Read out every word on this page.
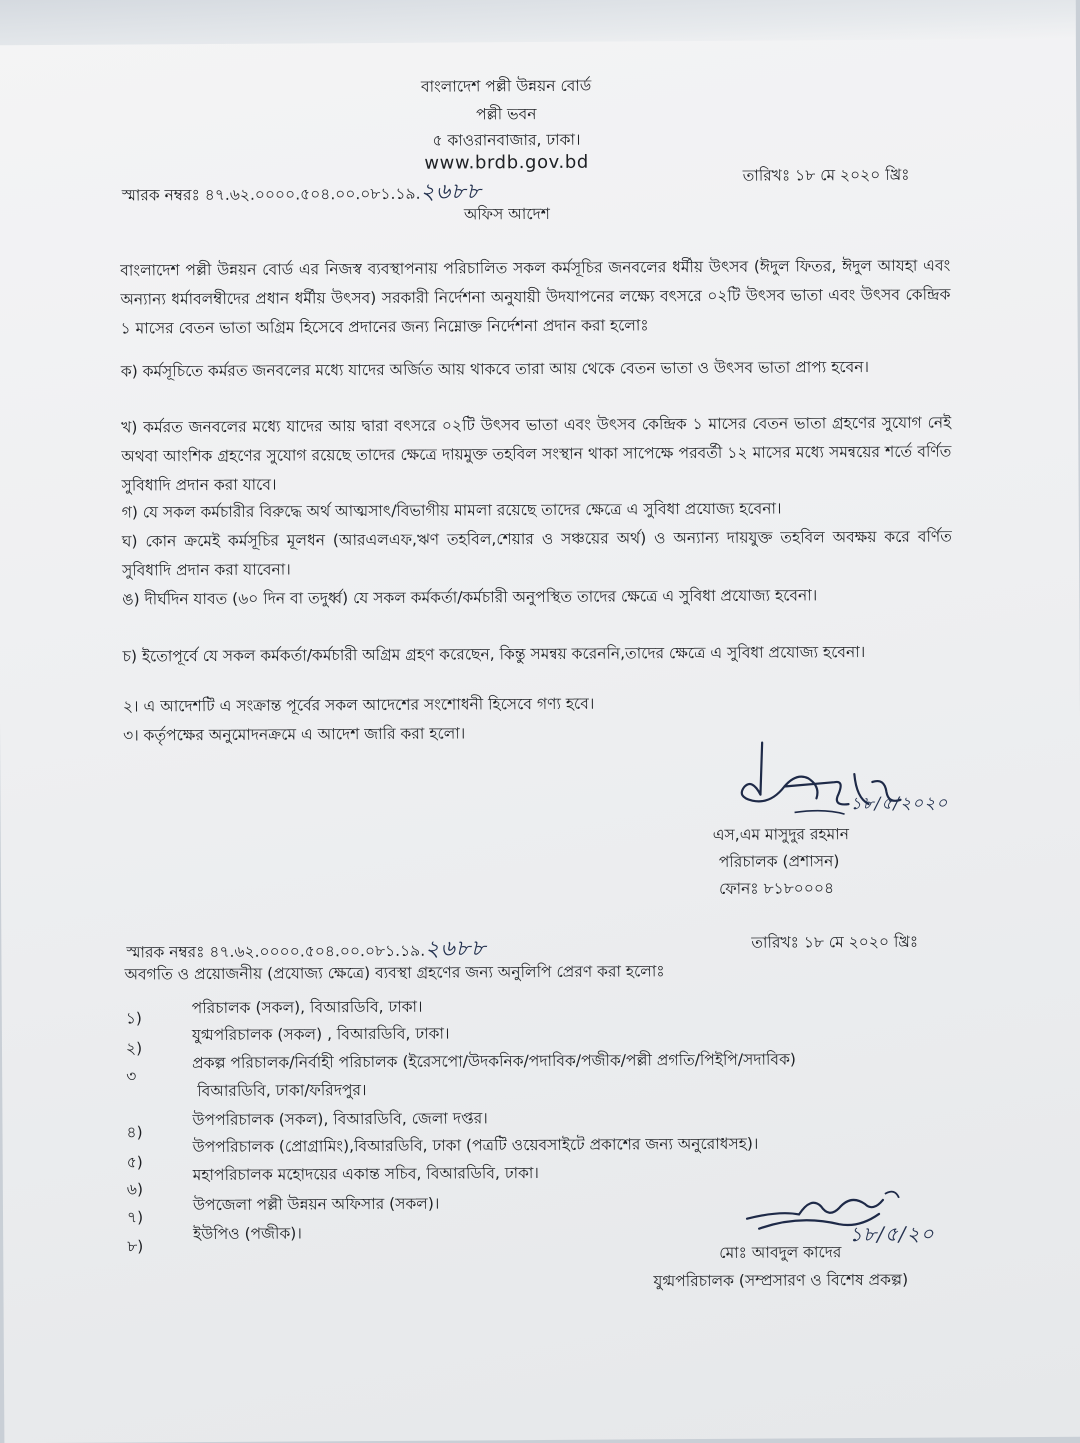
বাংলাদেশ পল্লী উন্নয়ন বোর্ড
পল্লী ভবন
৫ কাওরানবাজার, ঢাকা।
www.brdb.gov.bd
স্মারক নম্বরঃ ৪৭.৬২.০০০০.৫০৪.০০.০৮১.১৯.২৬৮৮
তারিখঃ ১৮ মে ২০২০ খ্রিঃ
অফিস আদেশ
বাংলাদেশ পল্লী উন্নয়ন বোর্ড এর নিজস্ব ব্যবস্থাপনায় পরিচালিত সকল কর্মসূচির জনবলের ধর্মীয় উৎসব (ঈদুল ফিতর, ঈদুল আযহা এবং অন্যান্য ধর্মাবলম্বীদের প্রধান ধর্মীয় উৎসব) সরকারী নির্দেশনা অনুযায়ী উদযাপনের লক্ষ্যে বৎসরে ০২টি উৎসব ভাতা এবং উৎসব কেন্দ্রিক ১ মাসের বেতন ভাতা অগ্রিম হিসেবে প্রদানের জন্য নিম্নোক্ত নির্দেশনা প্রদান করা হলোঃ
ক) কর্মসূচিতে কর্মরত জনবলের মধ্যে যাদের অর্জিত আয় থাকবে তারা আয় থেকে বেতন ভাতা ও উৎসব ভাতা প্রাপ্য হবেন।
খ) কর্মরত জনবলের মধ্যে যাদের আয় দ্বারা বৎসরে ০২টি উৎসব ভাতা এবং উৎসব কেন্দ্রিক ১ মাসের বেতন ভাতা গ্রহণের সুযোগ নেই অথবা আংশিক গ্রহণের সুযোগ রয়েছে তাদের ক্ষেত্রে দায়মুক্ত তহবিল সংস্থান থাকা সাপেক্ষে পরবর্তী ১২ মাসের মধ্যে সমন্বয়ের শর্তে বর্ণিত সুবিধাদি প্রদান করা যাবে।
গ) যে সকল কর্মচারীর বিরুদ্ধে অর্থ আত্মসাৎ/বিভাগীয় মামলা রয়েছে তাদের ক্ষেত্রে এ সুবিধা প্রযোজ্য হবেনা।
ঘ) কোন ক্রমেই কর্মসূচির মূলধন (আরএলএফ,ঋণ তহবিল,শেয়ার ও সঞ্চয়ের অর্থ) ও অন্যান্য দায়যুক্ত তহবিল অবক্ষয় করে বর্ণিত সুবিধাদি প্রদান করা যাবেনা।
ঙ) দীর্ঘদিন যাবত (৬০ দিন বা তদুর্ধ্ব) যে সকল কর্মকর্তা/কর্মচারী অনুপস্থিত তাদের ক্ষেত্রে এ সুবিধা প্রযোজ্য হবেনা।
চ) ইতোপূর্বে যে সকল কর্মকর্তা/কর্মচারী অগ্রিম গ্রহণ করেছেন, কিন্তু সমন্বয় করেননি,তাদের ক্ষেত্রে এ সুবিধা প্রযোজ্য হবেনা।
২। এ আদেশটি এ সংক্রান্ত পূর্বের সকল আদেশের সংশোধনী হিসেবে গণ্য হবে।
৩। কর্তৃপক্ষের অনুমোদনক্রমে এ আদেশ জারি করা হলো।
১৮/৫/২০২০
এস,এম মাসুদুর রহমান
পরিচালক (প্রশাসন)
ফোনঃ ৮১৮০০০৪
স্মারক নম্বরঃ ৪৭.৬২.০০০০.৫০৪.০০.০৮১.১৯.২৬৮৮	তারিখঃ ১৮ মে ২০২০ খ্রিঃ
অবগতি ও প্রয়োজনীয় (প্রযোজ্য ক্ষেত্রে) ব্যবস্থা গ্রহণের জন্য অনুলিপি প্রেরণ করা হলোঃ
১)
পরিচালক (সকল), বিআরডিবি, ঢাকা।
২)
যুগ্মপরিচালক (সকল) , বিআরডিবি, ঢাকা।
৩
প্রকল্প পরিচালক/নির্বাহী পরিচালক (ইরেসপো/উদকনিক/পদাবিক/পজীক/পল্লী প্রগতি/পিইপি/সদাবিক)
বিআরডিবি, ঢাকা/ফরিদপুর।
৪)
উপপরিচালক (সকল), বিআরডিবি, জেলা দপ্তর।
৫)
উপপরিচালক (প্রোগ্রামিং),বিআরডিবি, ঢাকা (পত্রটি ওয়েবসাইটে প্রকাশের জন্য অনুরোধসহ)।
৬)
মহাপরিচালক মহোদয়ের একান্ত সচিব, বিআরডিবি, ঢাকা।
৭)
উপজেলা পল্লী উন্নয়ন অফিসার (সকল)।
৮)
ইউপিও (পজীক)।	১৮/৫/২০
মোঃ আবদুল কাদের
যুগ্মপরিচালক (সম্প্রসারণ ও বিশেষ প্রকল্প)
